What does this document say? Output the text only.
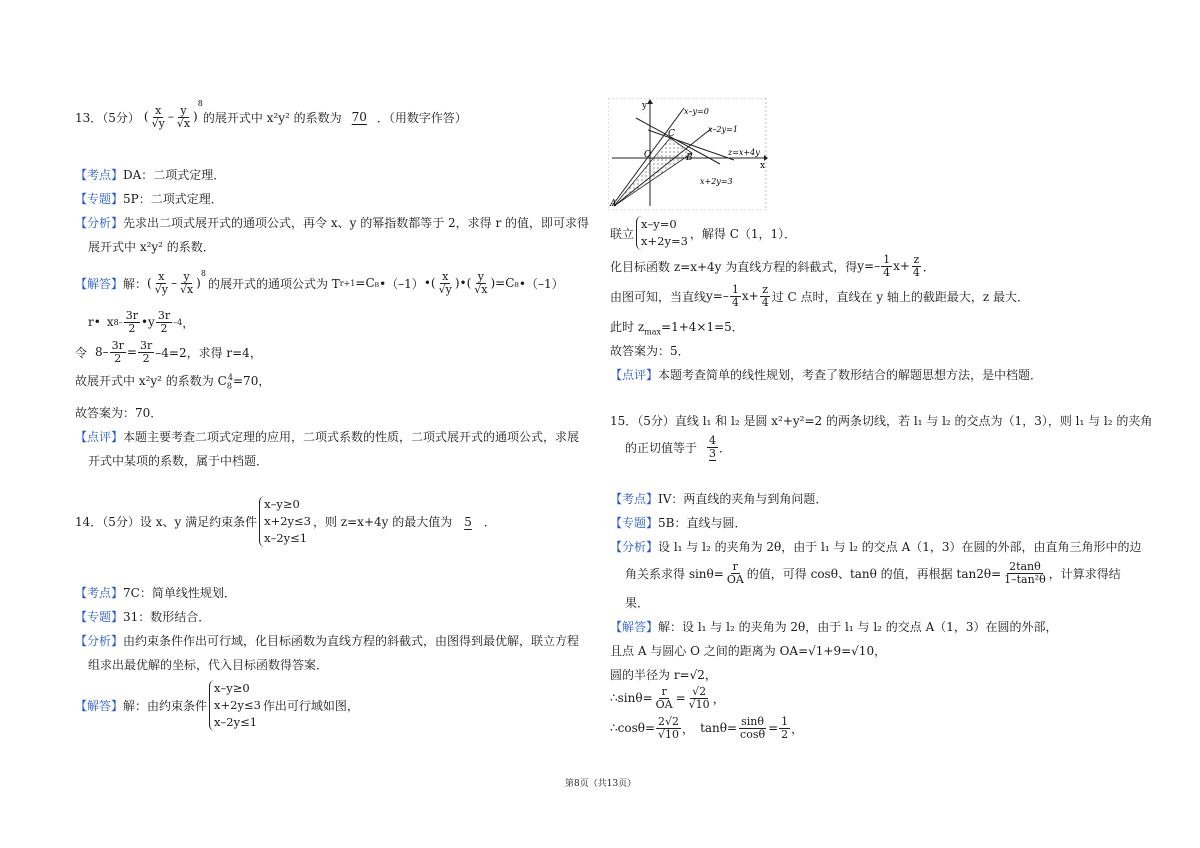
13．（5分） ( $\frac{x}{√y} - \frac{y}{√x} )^8$
的展开式中 x²y² 的系数为 70 ．（用数字作答）
【考点】DA：二项式定理．
【专题】5P：二项式定理．
【分析】先求出二项式展开式的通项公式，再令 x、y 的幂指数都等于 2，求得 r 的值，即可求得
展开式中 x²y² 的系数．
【解答】 解： ( $\frac{x}{√y} - \frac{y}{√x}$ )
8
的展开式的通项公式为 T r+1 =C ₈ •（ –1） • ( $\frac{x}{√y}$ )•( $\frac{y}{√x}$ ) =C ₈ •（ –1）
r• x $8- \frac{3r}{2}$ •y $\frac{3r}{2} -4$ ，
令 $8- \frac{3r}{2} = \frac{3r}{2} -4=2$，求得 r=4，
故展开式中 x²y² 的系数为 $C_8^4=70$，
故答案为：70．
【点评】本题主要考查二项式定理的应用，二项式系数的性质，二项式展开式的通项公式，求展
开式中某项的系数，属于中档题．
14．（5分）设 x、y 满足约束条件
x–y≥0
x+2y≤3
x–2y≤1
，则 z=x+4y 的最大值为	5	．
【考点】7C：简单线性规划．
【专题】31：数形结合．
【分析】由约束条件作出可行域，化目标函数为直线方程的斜截式，由图得到最优解，联立方程
组求出最优解的坐标，代入目标函数得答案．
【解答】 解：由约束条件
x–y≥0
x+2y≤3
x–2y≤1
作出可行域如图，
y
x
O
A
B
C
x–y=0
x–2y=1
z=x+4y
x+2y=3
联立
x–y=0
x+2y=3
，解得 C（1，1）．
化目标函数 z=x+4y 为直线方程的斜截式，得 $y=- \frac{1}{4} x+ \frac{z}{4}$ ．
由图可知，当直线 $y=- \frac{1}{4} x+ \frac{z}{4}$ 过 C 点时，直线在 y 轴上的截距最大，z 最大．
此时 $z_{max}=1+4\times 1=5$．
故答案为：5．
【点评】本题考查简单的线性规划，考查了数形结合的解题思想方法，是中档题．
15．（5分）直线 l₁ 和 l₂ 是圆 x²+y²=2 的两条切线，若 l₁ 与 l₂ 的交点为（1，3），则 l₁ 与 l₂ 的夹角
的正切值等于 $\frac{4}{3}$ ．
【考点】IV：两直线的夹角与到角问题．
【专题】5B：直线与圆．
【分析】设 l₁ 与 l₂ 的夹角为 2θ，由于 l₁ 与 l₂ 的交点 A（1，3）在圆的外部，由直角三角形中的边
角关系求得 $\sin\theta= \frac{r}{OA}$ 的值，可得 cosθ、tanθ 的值，再根据 $\tan 2\theta= \frac{2\tan\theta}{\text{1–tan²θ}}$ ，计算求得结
果．
【解答】解：设 l₁ 与 l₂ 的夹角为 2θ，由于 l₁ 与 l₂ 的交点 A（1，3）在圆的外部，
且点 A 与圆心 O 之间的距离为 OA=√1+9=√10，
圆的半径为 r=√2，
∴sinθ= $\frac{r}{OA} = \frac{√2}{√10}$ ，
∴cosθ= $\frac{2√2}{√10}$ ， $\tan\theta= \frac{\sin\theta}{\cos\theta} = \frac{1}{2}$ ，
第8页（共13页）
